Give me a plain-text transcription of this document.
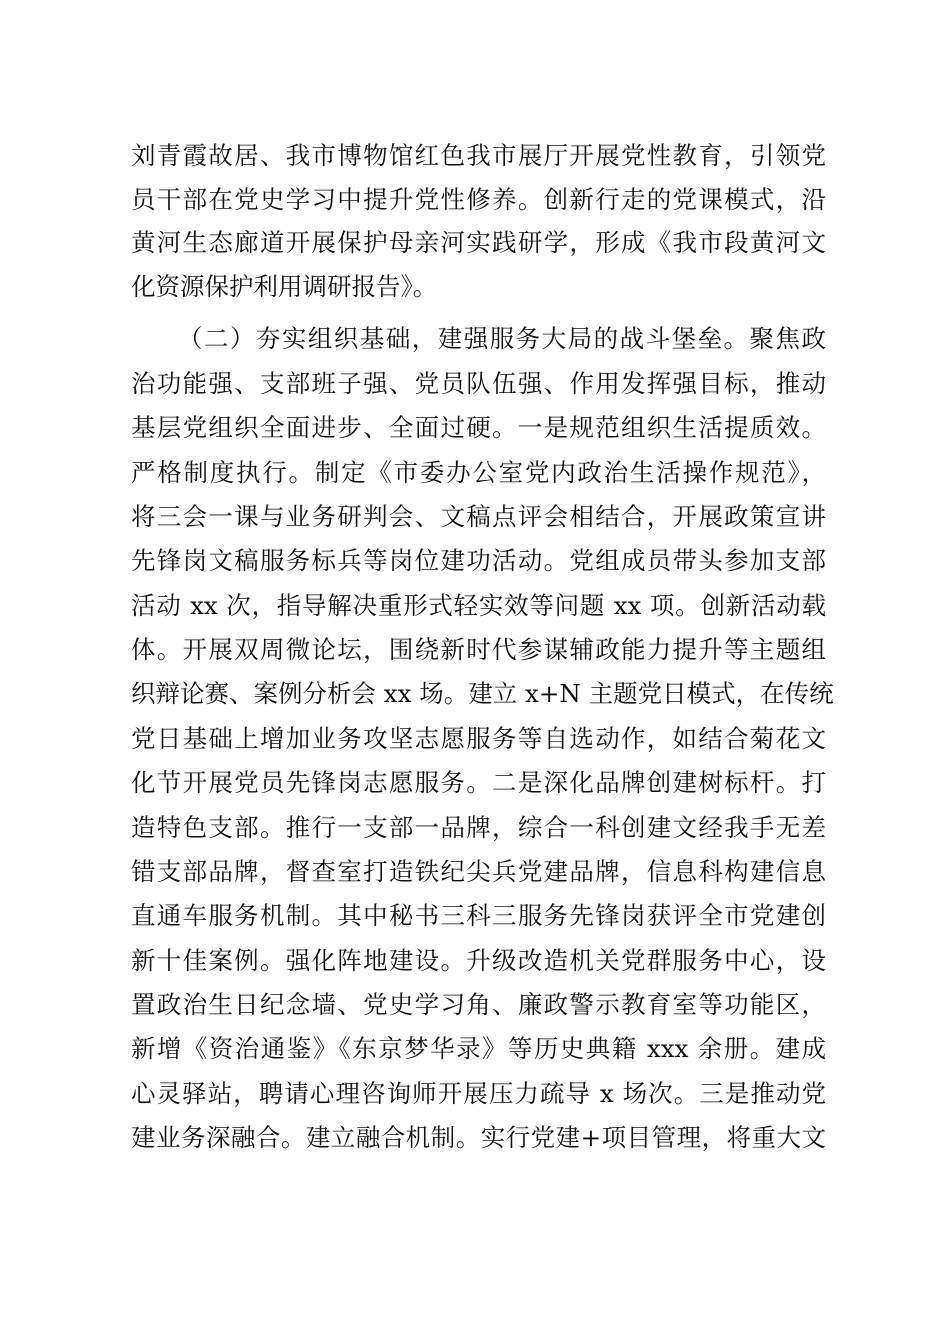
刘青霞故居、我市博物馆红色我市展厅开展党性教育，引领党
员干部在党史学习中提升党性修养。创新行走的党课模式，沿
黄河生态廊道开展保护母亲河实践研学，形成《我市段黄河文
化资源保护利用调研报告》。
（二）夯实组织基础，建强服务大局的战斗堡垒。聚焦政
治功能强、支部班子强、党员队伍强、作用发挥强目标，推动
基层党组织全面进步、全面过硬。一是规范组织生活提质效。
严格制度执行。制定《市委办公室党内政治生活操作规范》，
将三会一课与业务研判会、文稿点评会相结合，开展政策宣讲
先锋岗文稿服务标兵等岗位建功活动。党组成员带头参加支部
活动 xx 次，指导解决重形式轻实效等问题 xx 项。创新活动载
体。开展双周微论坛，围绕新时代参谋辅政能力提升等主题组
织辩论赛、案例分析会 xx 场。建立 x+N 主题党日模式，在传统
党日基础上增加业务攻坚志愿服务等自选动作，如结合菊花文
化节开展党员先锋岗志愿服务。二是深化品牌创建树标杆。打
造特色支部。推行一支部一品牌，综合一科创建文经我手无差
错支部品牌，督查室打造铁纪尖兵党建品牌，信息科构建信息
直通车服务机制。其中秘书三科三服务先锋岗获评全市党建创
新十佳案例。强化阵地建设。升级改造机关党群服务中心，设
置政治生日纪念墙、党史学习角、廉政警示教育室等功能区，
新增《资治通鉴》《东京梦华录》等历史典籍 xxx 余册。建成
心灵驿站，聘请心理咨询师开展压力疏导 x 场次。三是推动党
建业务深融合。建立融合机制。实行党建+项目管理，将重大文
